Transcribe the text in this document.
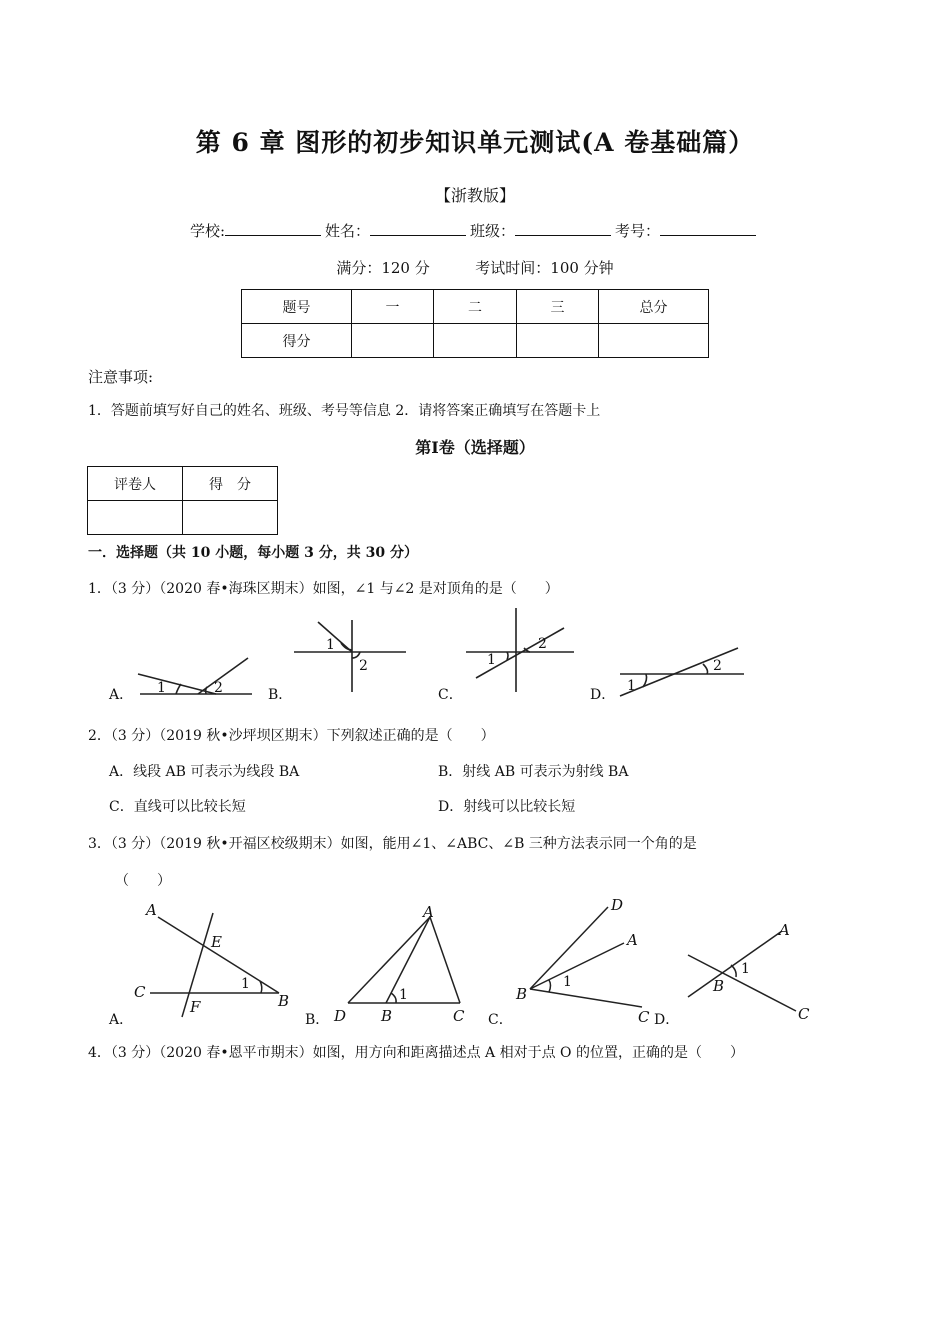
第 6 章 图形的初步知识单元测试(A 卷基础篇）
【浙教版】
学校:	姓名：	班级：	考号：
满分：120 分	考试时间：100 分钟
题号	一	二	三	总分
得分				
注意事项:
1．答题前填写好自己的姓名、班级、考号等信息 2．请将答案正确填写在答题卡上
第Ⅰ卷（选择题）
评卷人	得　分

一．选择题（共 10 小题，每小题 3 分，共 30 分）
1．（3 分）（2020 春•海珠区期末）如图，∠1 与∠2 是对顶角的是（　　）
1	2
1
2	1
2
1
2
A．	B．	C．	D．
2．（3 分）（2019 秋•沙坪坝区期末）下列叙述正确的是（　　）
A．线段 AB 可表示为线段 BA	B．射线 AB 可表示为射线 BA
C．直线可以比较长短	D．射线可以比较长短
3．（3 分）（2019 秋•开福区校级期末）如图，能用∠1、∠ABC、∠B 三种方法表示同一个角的是
（　　）
A
E
C
F	B
A
D B	C
D
A
B
C
A
B
C
1
1
1
1
A．	B．	C．	D．
4．（3 分）（2020 春•恩平市期末）如图，用方向和距离描述点 A 相对于点 O 的位置，正确的是（　　）
